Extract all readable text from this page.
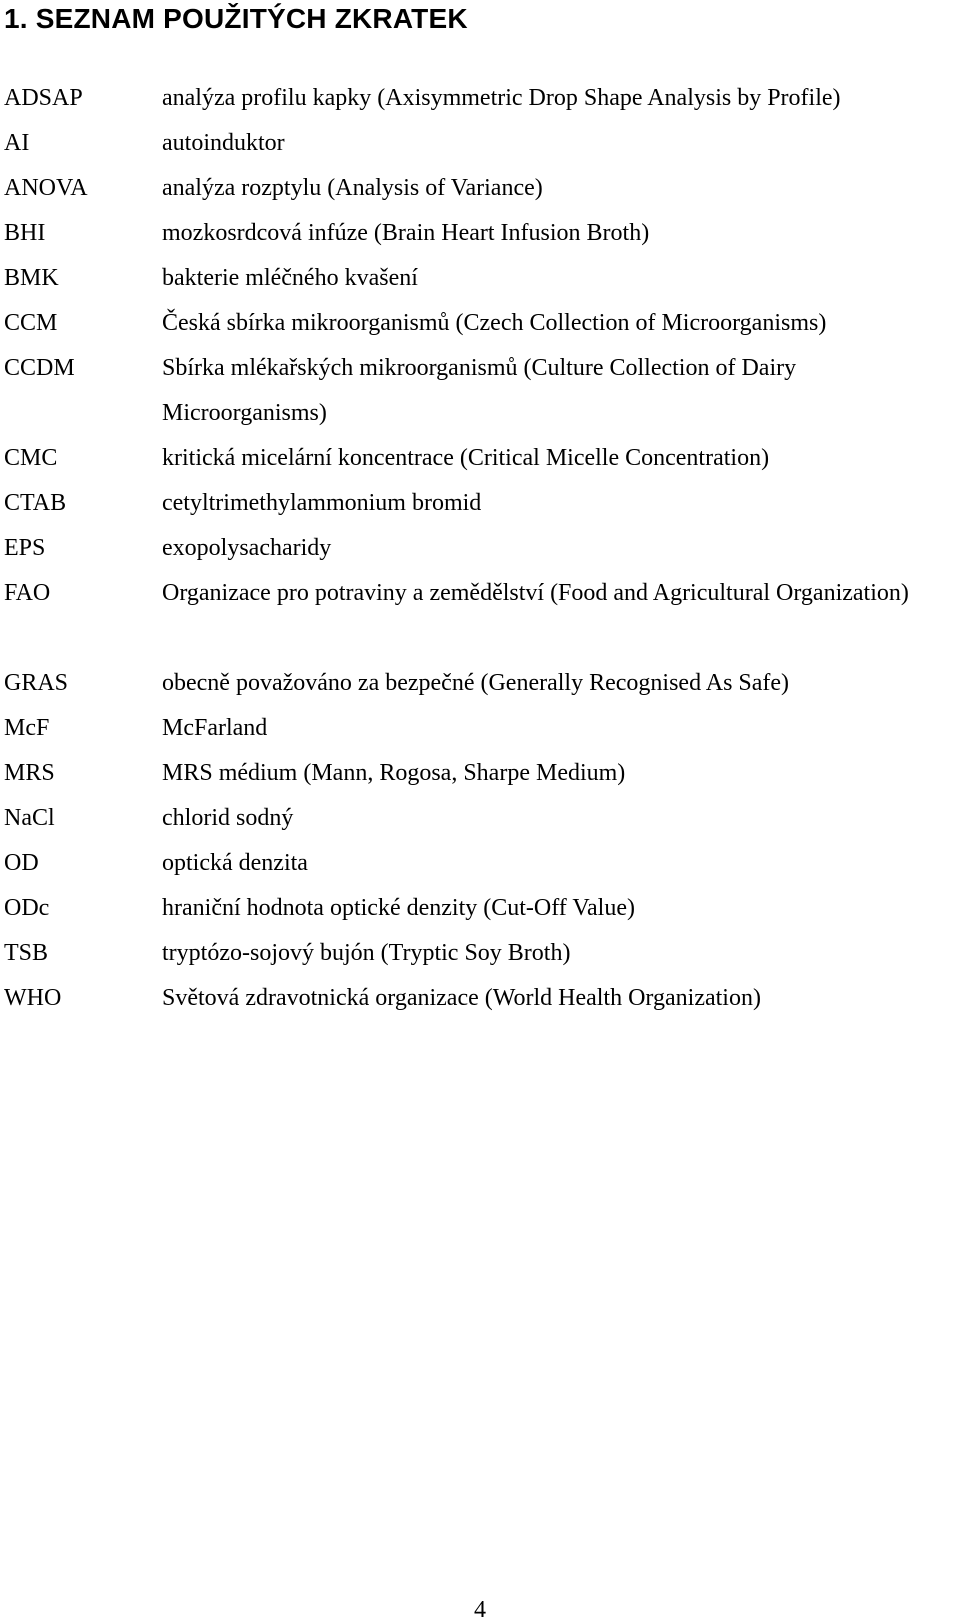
1. SEZNAM POUŽITÝCH ZKRATEK
ADSAP	analýza profilu kapky (Axisymmetric Drop Shape Analysis by Profile)
AI	autoinduktor
ANOVA	analýza rozptylu (Analysis of Variance)
BHI	mozkosrdcová infúze (Brain Heart Infusion Broth)
BMK	bakterie mléčného kvašení
CCM	Česká sbírka mikroorganismů (Czech Collection of Microorganisms)
CCDM	Sbírka mlékařských mikroorganismů (Culture Collection of Dairy Microorganisms)
CMC	kritická micelární koncentrace (Critical Micelle Concentration)
CTAB	cetyltrimethylammonium bromid
EPS	exopolysacharidy
FAO	Organizace pro potraviny a zemědělství (Food and Agricultural Organization)
GRAS	obecně považováno za bezpečné (Generally Recognised As Safe)
McF	McFarland
MRS	MRS médium (Mann, Rogosa, Sharpe Medium)
NaCl	chlorid sodný
OD	optická denzita
ODc	hraniční hodnota optické denzity (Cut-Off Value)
TSB	tryptózo-sojový bujón (Tryptic Soy Broth)
WHO	Světová zdravotnická organizace (World Health Organization)
4
